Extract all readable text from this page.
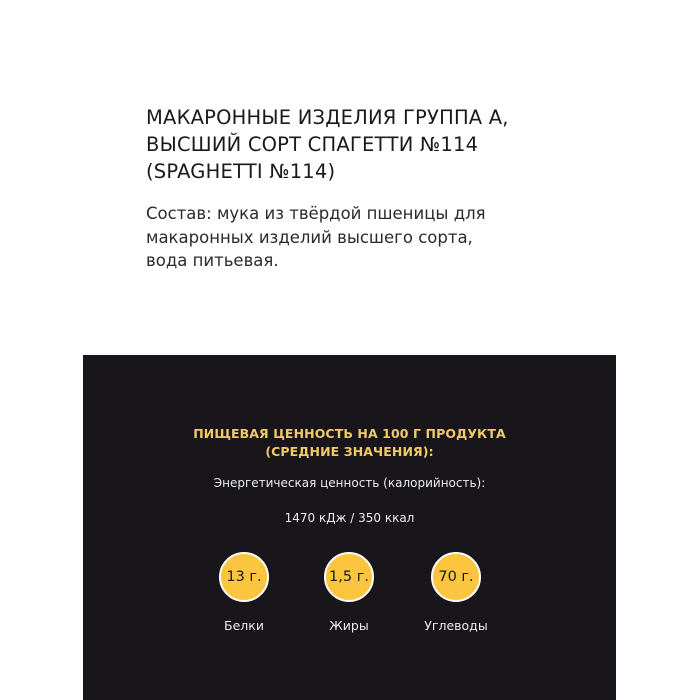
МАКАРОННЫЕ ИЗДЕЛИЯ ГРУППА А,
ВЫСШИЙ СОРТ СПАГЕТТИ №114
(SPAGHETTI №114)

Состав: мука из твёрдой пшеницы для
макаронных изделий высшего сорта,
вода питьевая.

ПИЩЕВАЯ ЦЕННОСТЬ НА 100 Г ПРОДУКТА
(СРЕДНИЕ ЗНАЧЕНИЯ):
Энергетическая ценность (калорийность):
1470 кДж / 350 ккал
13 г.
Белки
1,5 г.
Жиры
70 г.
Углеводы
